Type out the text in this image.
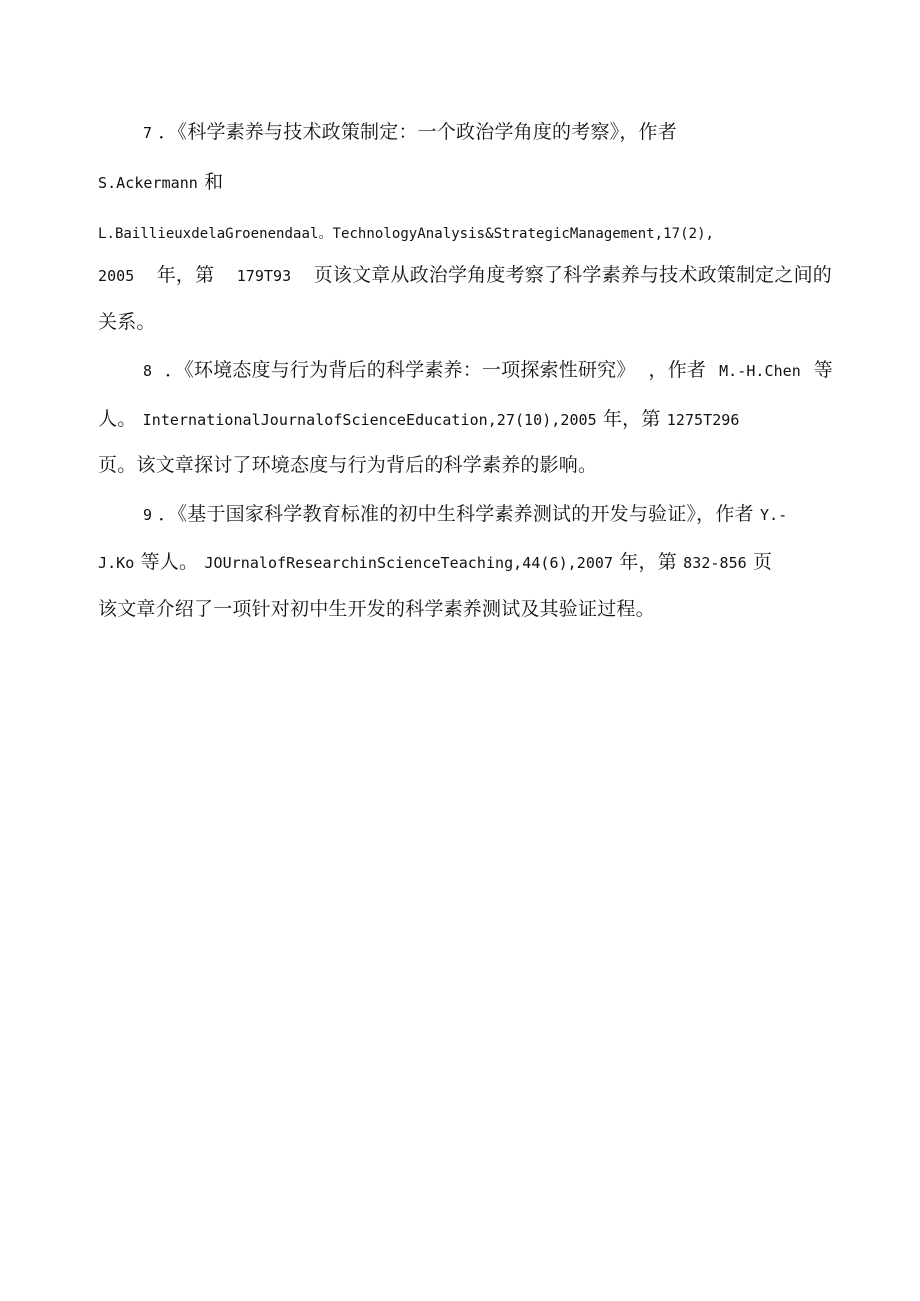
7 ．《科学素养与技术政策制定：一个政治学角度的考察》，作者
S.Ackermann 和
L.BaillieuxdelaGroenendaal。TechnologyAnalysis&StrategicManagement,17(2),
2005 年，第 179T93 页该文章从政治学角度考察了科学素养与技术政策制定之间的
关系。
8 ．《环境态度与行为背后的科学素养：一项探索性研究》 ，作者 M.-H.Chen 等
人。 InternationalJournalofScienceEducation,27(10),2005 年，第 1275T296
页。该文章探讨了环境态度与行为背后的科学素养的影响。
9 ．《基于国家科学教育标准的初中生科学素养测试的开发与验证》，作者 Y.-
J.Ko 等人。 JOUrnalofResearchinScienceTeaching,44(6),2007 年，第 832-856 页
该文章介绍了一项针对初中生开发的科学素养测试及其验证过程。
